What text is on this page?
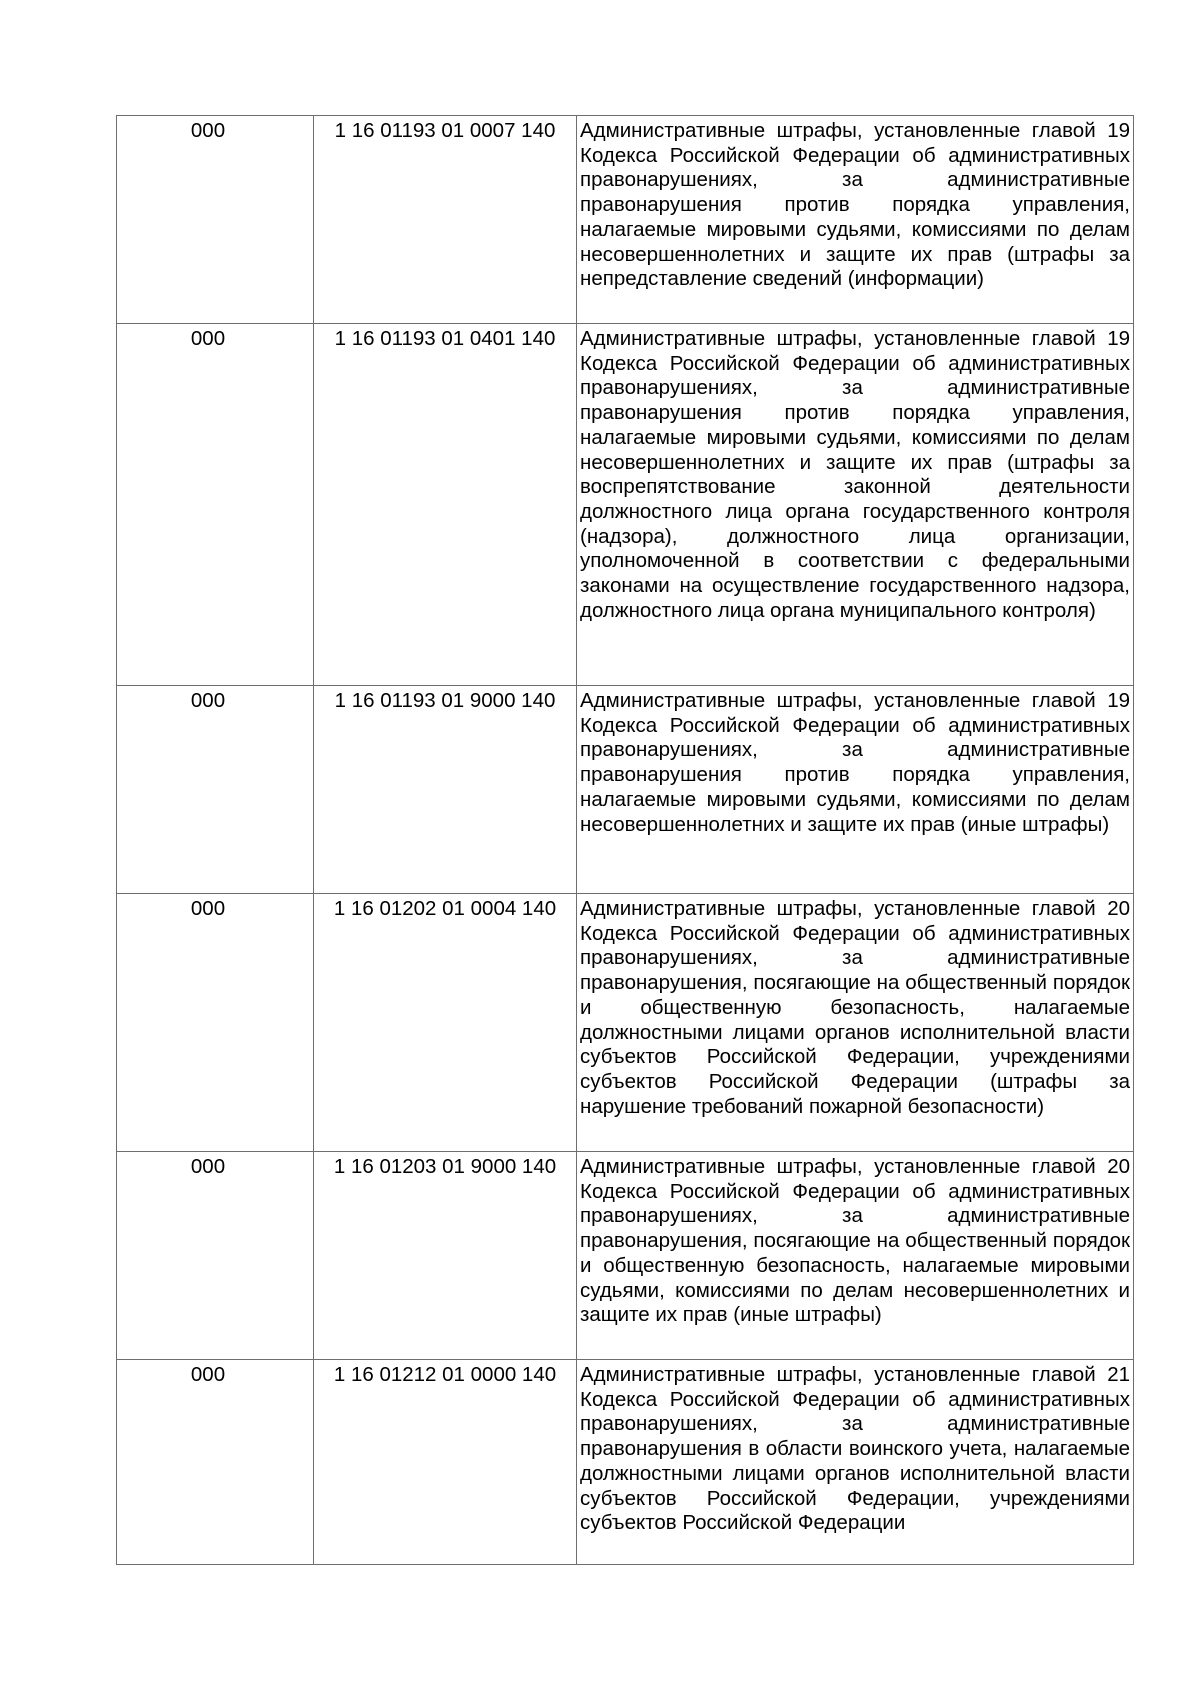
000	1 16 01193 01 0007 140	Административные штрафы, установленные главой 19 Кодекса Российской Федерации об административных правонарушениях, за административные правонарушения против порядка управления, налагаемые мировыми судьями, комиссиями по делам несовершеннолетних и защите их прав (штрафы за непредставление сведений (информации)
000	1 16 01193 01 0401 140	Административные штрафы, установленные главой 19 Кодекса Российской Федерации об административных правонарушениях, за административные правонарушения против порядка управления, налагаемые мировыми судьями, комиссиями по делам несовершеннолетних и защите их прав (штрафы за воспрепятствование законной деятельности должностного лица органа государственного контроля (надзора), должностного лица организации, уполномоченной в соответствии с федеральными законами на осуществление государственного надзора, должностного лица органа муниципального контроля)
000	1 16 01193 01 9000 140	Административные штрафы, установленные главой 19 Кодекса Российской Федерации об административных правонарушениях, за административные правонарушения против порядка управления, налагаемые мировыми судьями, комиссиями по делам несовершеннолетних и защите их прав (иные штрафы)
000	1 16 01202 01 0004 140	Административные штрафы, установленные главой 20 Кодекса Российской Федерации об административных правонарушениях, за административные правонарушения, посягающие на общественный порядок и общественную безопасность, налагаемые должностными лицами органов исполнительной власти субъектов Российской Федерации, учреждениями субъектов Российской Федерации (штрафы за нарушение требований пожарной безопасности)
000	1 16 01203 01 9000 140	Административные штрафы, установленные главой 20 Кодекса Российской Федерации об административных правонарушениях, за административные правонарушения, посягающие на общественный порядок и общественную безопасность, налагаемые мировыми судьями, комиссиями по делам несовершеннолетних и защите их прав (иные штрафы)
000	1 16 01212 01 0000 140	Административные штрафы, установленные главой 21 Кодекса Российской Федерации об административных правонарушениях, за административные правонарушения в области воинского учета, налагаемые должностными лицами органов исполнительной власти субъектов Российской Федерации, учреждениями субъектов Российской Федерации
